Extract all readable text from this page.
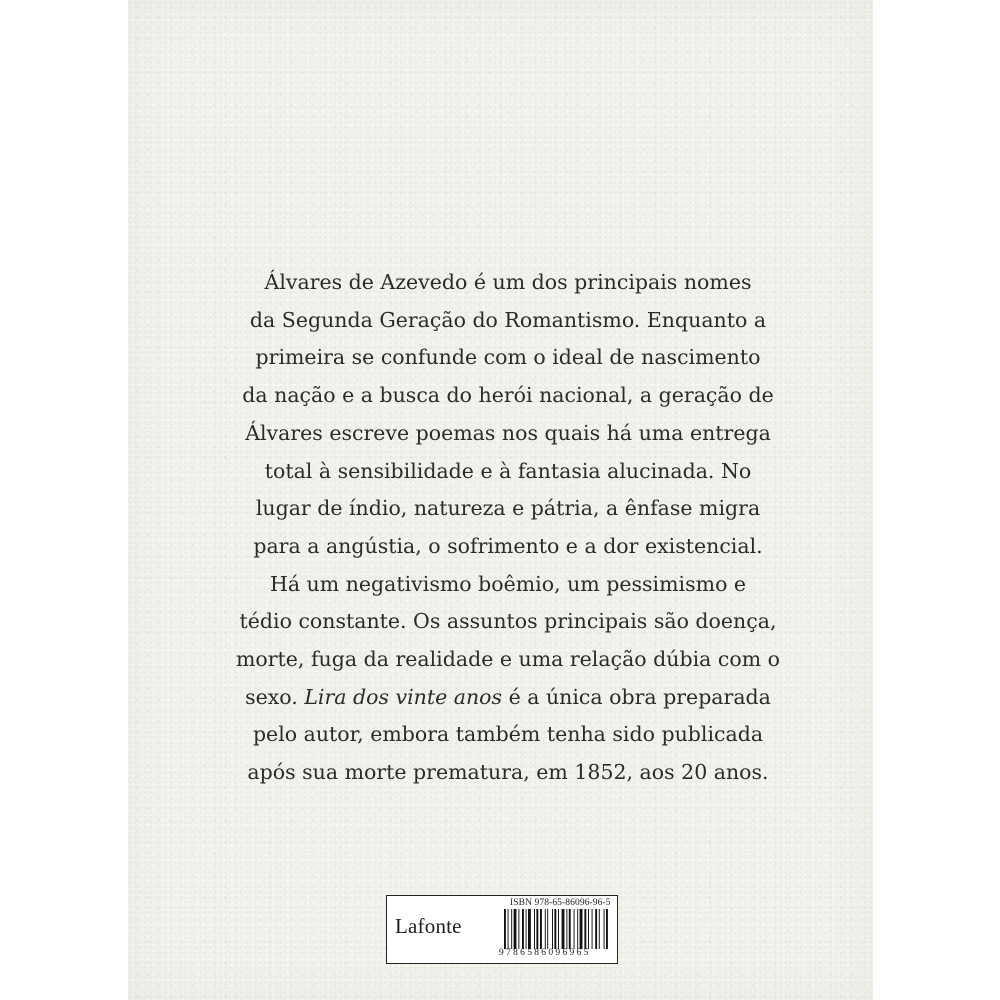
Álvares de Azevedo é um dos principais nomes
da Segunda Geração do Romantismo. Enquanto a
primeira se confunde com o ideal de nascimento
da nação e a busca do herói nacional, a geração de
Álvares escreve poemas nos quais há uma entrega
total à sensibilidade e à fantasia alucinada. No
lugar de índio, natureza e pátria, a ênfase migra
para a angústia, o sofrimento e a dor existencial.
Há um negativismo boêmio, um pessimismo e
tédio constante. Os assuntos principais são doença,
morte, fuga da realidade e uma relação dúbia com o
sexo. Lira dos vinte anos é a única obra preparada
pelo autor, embora também tenha sido publicada
após sua morte prematura, em 1852, aos 20 anos.

Lafonte
ISBN 978-65-86096-96-5
9786586096965
